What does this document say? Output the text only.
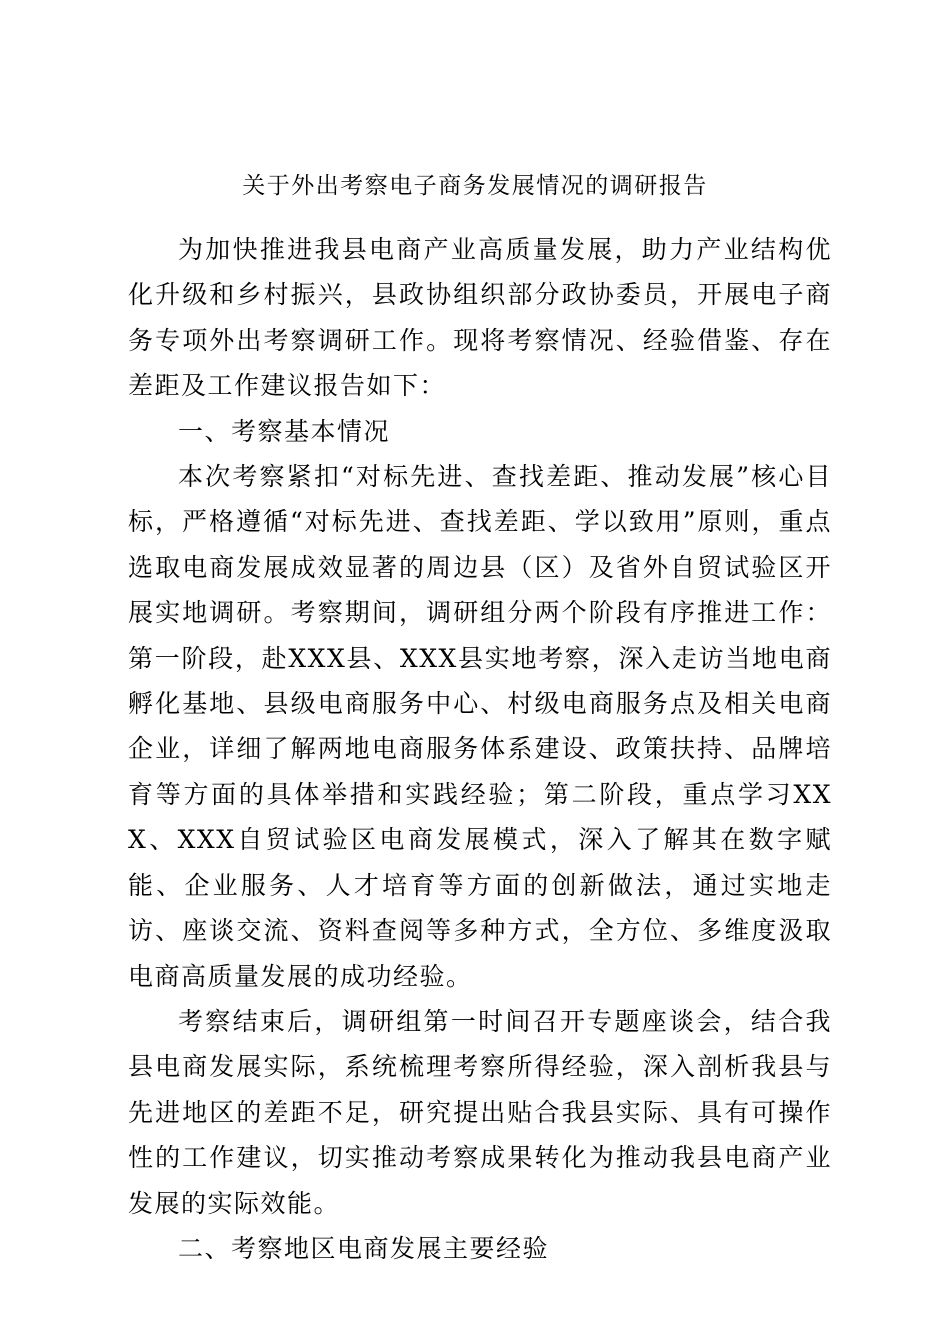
关于外出考察电子商务发展情况的调研报告

为加快推进我县电商产业高质量发展，助力产业结构优化升级和乡村振兴，县政协组织部分政协委员，开展电子商务专项外出考察调研工作。现将考察情况、经验借鉴、存在差距及工作建议报告如下：

一、考察基本情况

本次考察紧扣“对标先进、查找差距、推动发展”核心目标，严格遵循“对标先进、查找差距、学以致用”原则，重点选取电商发展成效显著的周边县（区）及省外自贸试验区开展实地调研。考察期间，调研组分两个阶段有序推进工作：第一阶段，赴XXX县、XXX县实地考察，深入走访当地电商孵化基地、县级电商服务中心、村级电商服务点及相关电商企业，详细了解两地电商服务体系建设、政策扶持、品牌培育等方面的具体举措和实践经验；第二阶段，重点学习XXX、XXX自贸试验区电商发展模式，深入了解其在数字赋能、企业服务、人才培育等方面的创新做法，通过实地走访、座谈交流、资料查阅等多种方式，全方位、多维度汲取电商高质量发展的成功经验。

考察结束后，调研组第一时间召开专题座谈会，结合我县电商发展实际，系统梳理考察所得经验，深入剖析我县与先进地区的差距不足，研究提出贴合我县实际、具有可操作性的工作建议，切实推动考察成果转化为推动我县电商产业发展的实际效能。

二、考察地区电商发展主要经验
